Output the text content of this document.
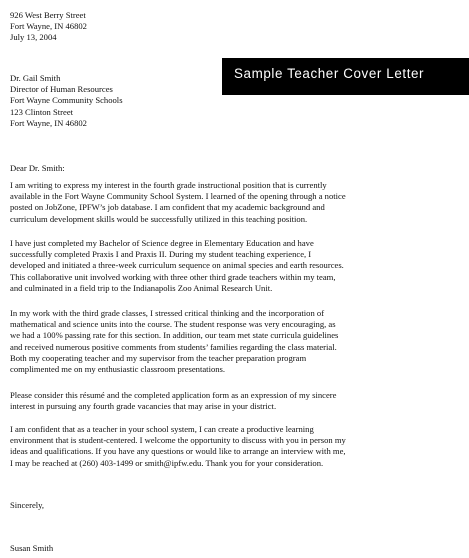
926 West Berry Street
Fort Wayne, IN 46802
July 13, 2004
Sample Teacher Cover Letter
Dr. Gail Smith
Director of Human Resources
Fort Wayne Community Schools
123 Clinton Street
Fort Wayne, IN 46802
Dear Dr. Smith:
I am writing to express my interest in the fourth grade instructional position that is currently
available in the Fort Wayne Community School System. I learned of the opening through a notice
posted on JobZone, IPFW’s job database. I am confident that my academic background and
curriculum development skills would be successfully utilized in this teaching position.
I have just completed my Bachelor of Science degree in Elementary Education and have
successfully completed Praxis I and Praxis II. During my student teaching experience, I
developed and initiated a three-week curriculum sequence on animal species and earth resources.
This collaborative unit involved working with three other third grade teachers within my team,
and culminated in a field trip to the Indianapolis Zoo Animal Research Unit.
In my work with the third grade classes, I stressed critical thinking and the incorporation of
mathematical and science units into the course. The student response was very encouraging, as
we had a 100% passing rate for this section. In addition, our team met state curricula guidelines
and received numerous positive comments from students’ families regarding the class material.
Both my cooperating teacher and my supervisor from the teacher preparation program
complimented me on my enthusiastic classroom presentations.
Please consider this résumé and the completed application form as an expression of my sincere
interest in pursuing any fourth grade vacancies that may arise in your district.
I am confident that as a teacher in your school system, I can create a productive learning
environment that is student-centered. I welcome the opportunity to discuss with you in person my
ideas and qualifications. If you have any questions or would like to arrange an interview with me,
I may be reached at (260) 403-1499 or smith@ipfw.edu. Thank you for your consideration.
Sincerely,
Susan Smith
